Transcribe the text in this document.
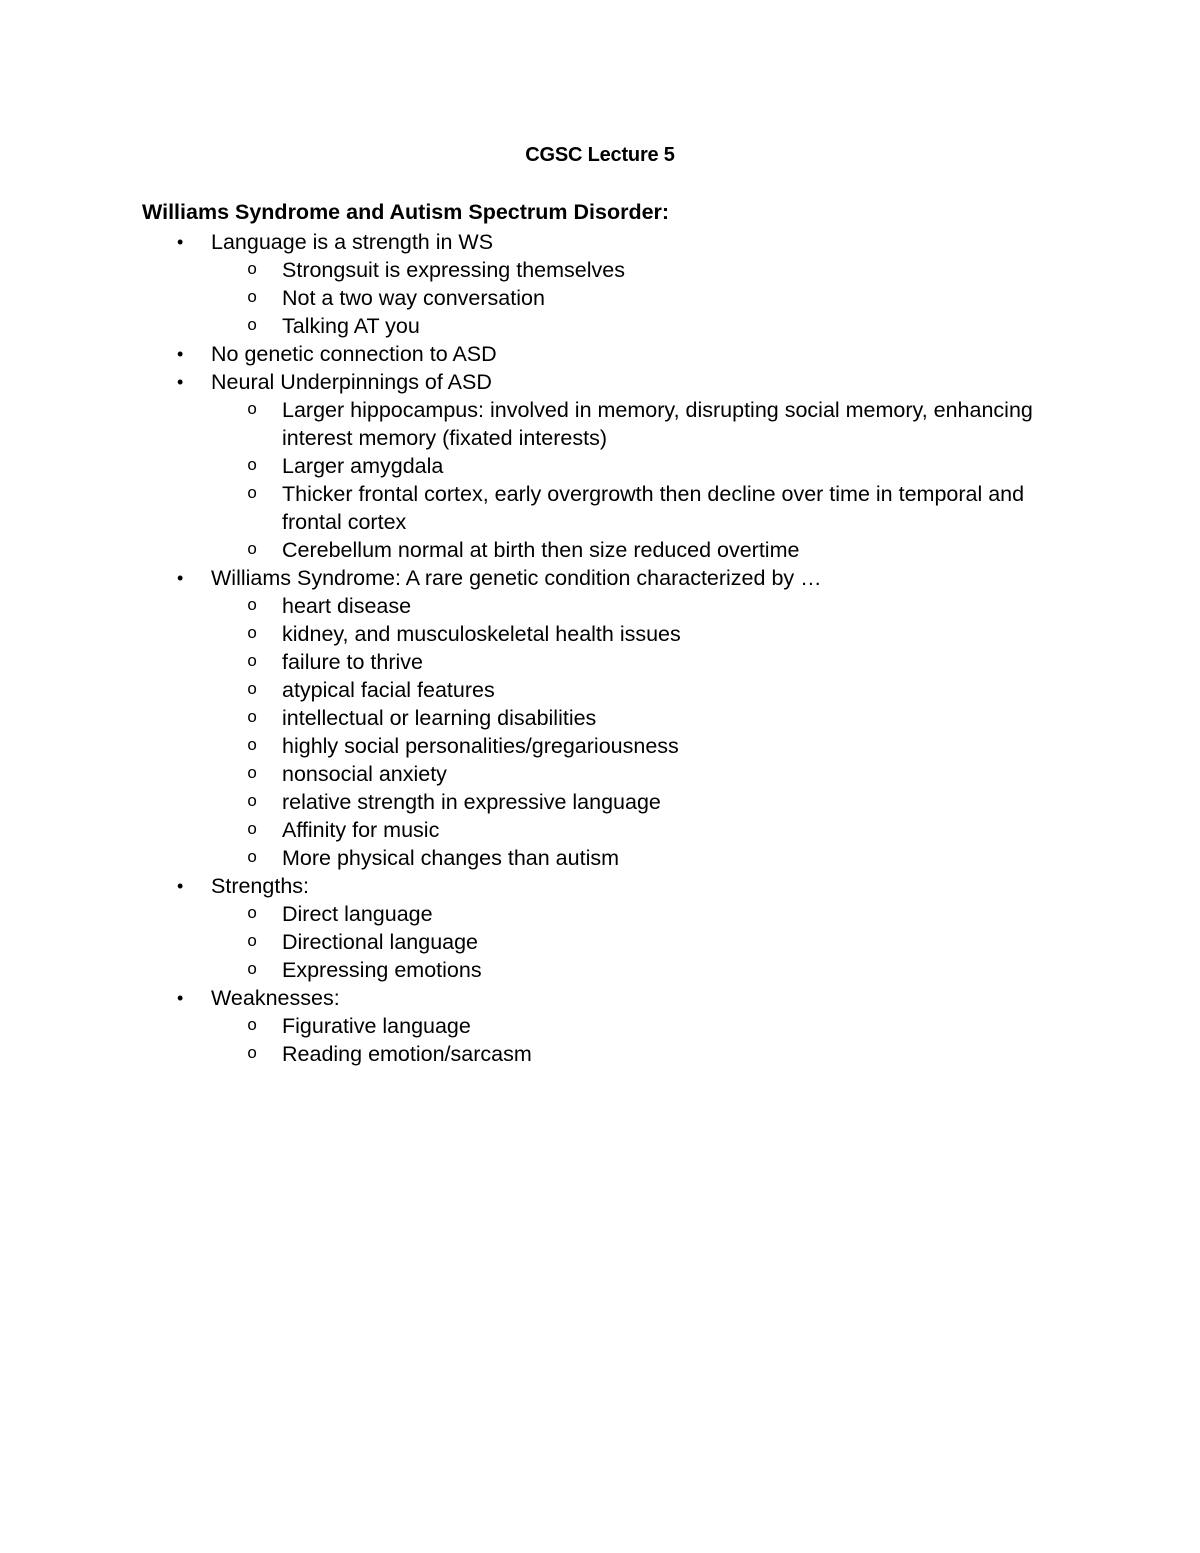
CGSC Lecture 5
Williams Syndrome and Autism Spectrum Disorder:
• Language is a strength in WS
o Strongsuit is expressing themselves
o Not a two way conversation
o Talking AT you
• No genetic connection to ASD
• Neural Underpinnings of ASD
o Larger hippocampus: involved in memory, disrupting social memory, enhancing interest memory (fixated interests)
o Larger amygdala
o Thicker frontal cortex, early overgrowth then decline over time in temporal and frontal cortex
o Cerebellum normal at birth then size reduced overtime
• Williams Syndrome: A rare genetic condition characterized by …
o heart disease
o kidney, and musculoskeletal health issues
o failure to thrive
o atypical facial features
o intellectual or learning disabilities
o highly social personalities/gregariousness
o nonsocial anxiety
o relative strength in expressive language
o Affinity for music
o More physical changes than autism
• Strengths:
o Direct language
o Directional language
o Expressing emotions
• Weaknesses:
o Figurative language
o Reading emotion/sarcasm
